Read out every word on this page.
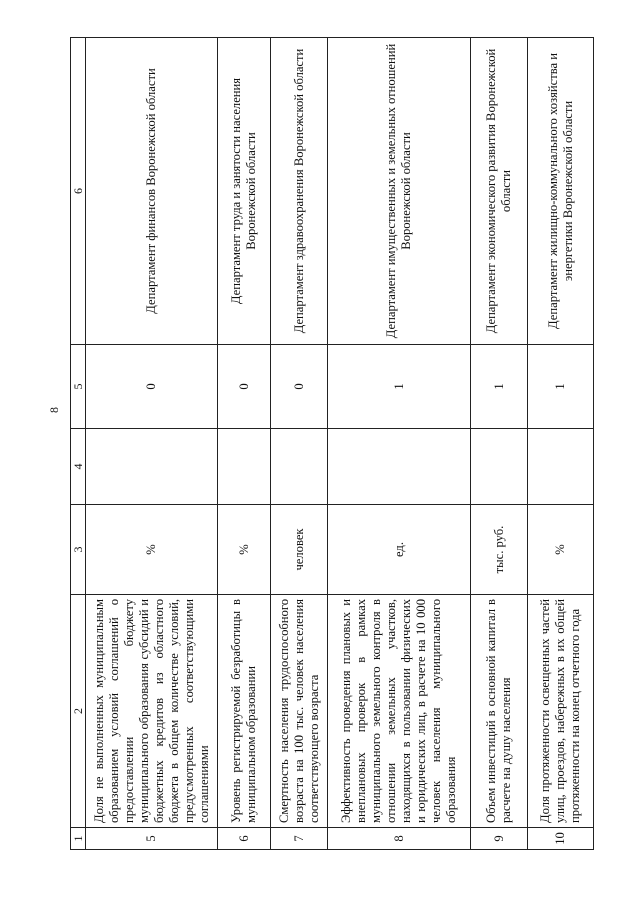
8
1	2	3	4	5	6
5	Доля не выполненных муниципальным образованием условий соглашений о предоставлении бюджету муниципального образования субсидий и бюджетных кредитов из областного бюджета в общем количестве условий, предусмотренных соответствующими соглашениями	%		0	Департамент финансов Воронежской области
6	Уровень регистрируемой безработицы в муниципальном образовании	%		0	Департамент труда и занятости населения Воронежской области
7	Смертность населения трудоспособного возраста на 100 тыс. человек населения соответствующего возраста	человек		0	Департамент здравоохранения Воронежской области
8	Эффективность проведения плановых и внеплановых проверок в рамках муниципального земельного контроля в отношении земельных участков, находящихся в пользовании физических и юридических лиц, в расчете на 10 000 человек населения муниципального образования	ед.		1	Департамент имущественных и земельных отношений Воронежской области
9	Объем инвестиций в основной капитал в расчете на душу населения	тыс. руб.		1	Департамент экономического развития Воронежской области
10	Доля протяженности освещенных частей улиц, проездов, набережных в их общей протяженности на конец отчетного года	%		1	Департамент жилищно-коммунального хозяйства и энергетики Воронежской области
